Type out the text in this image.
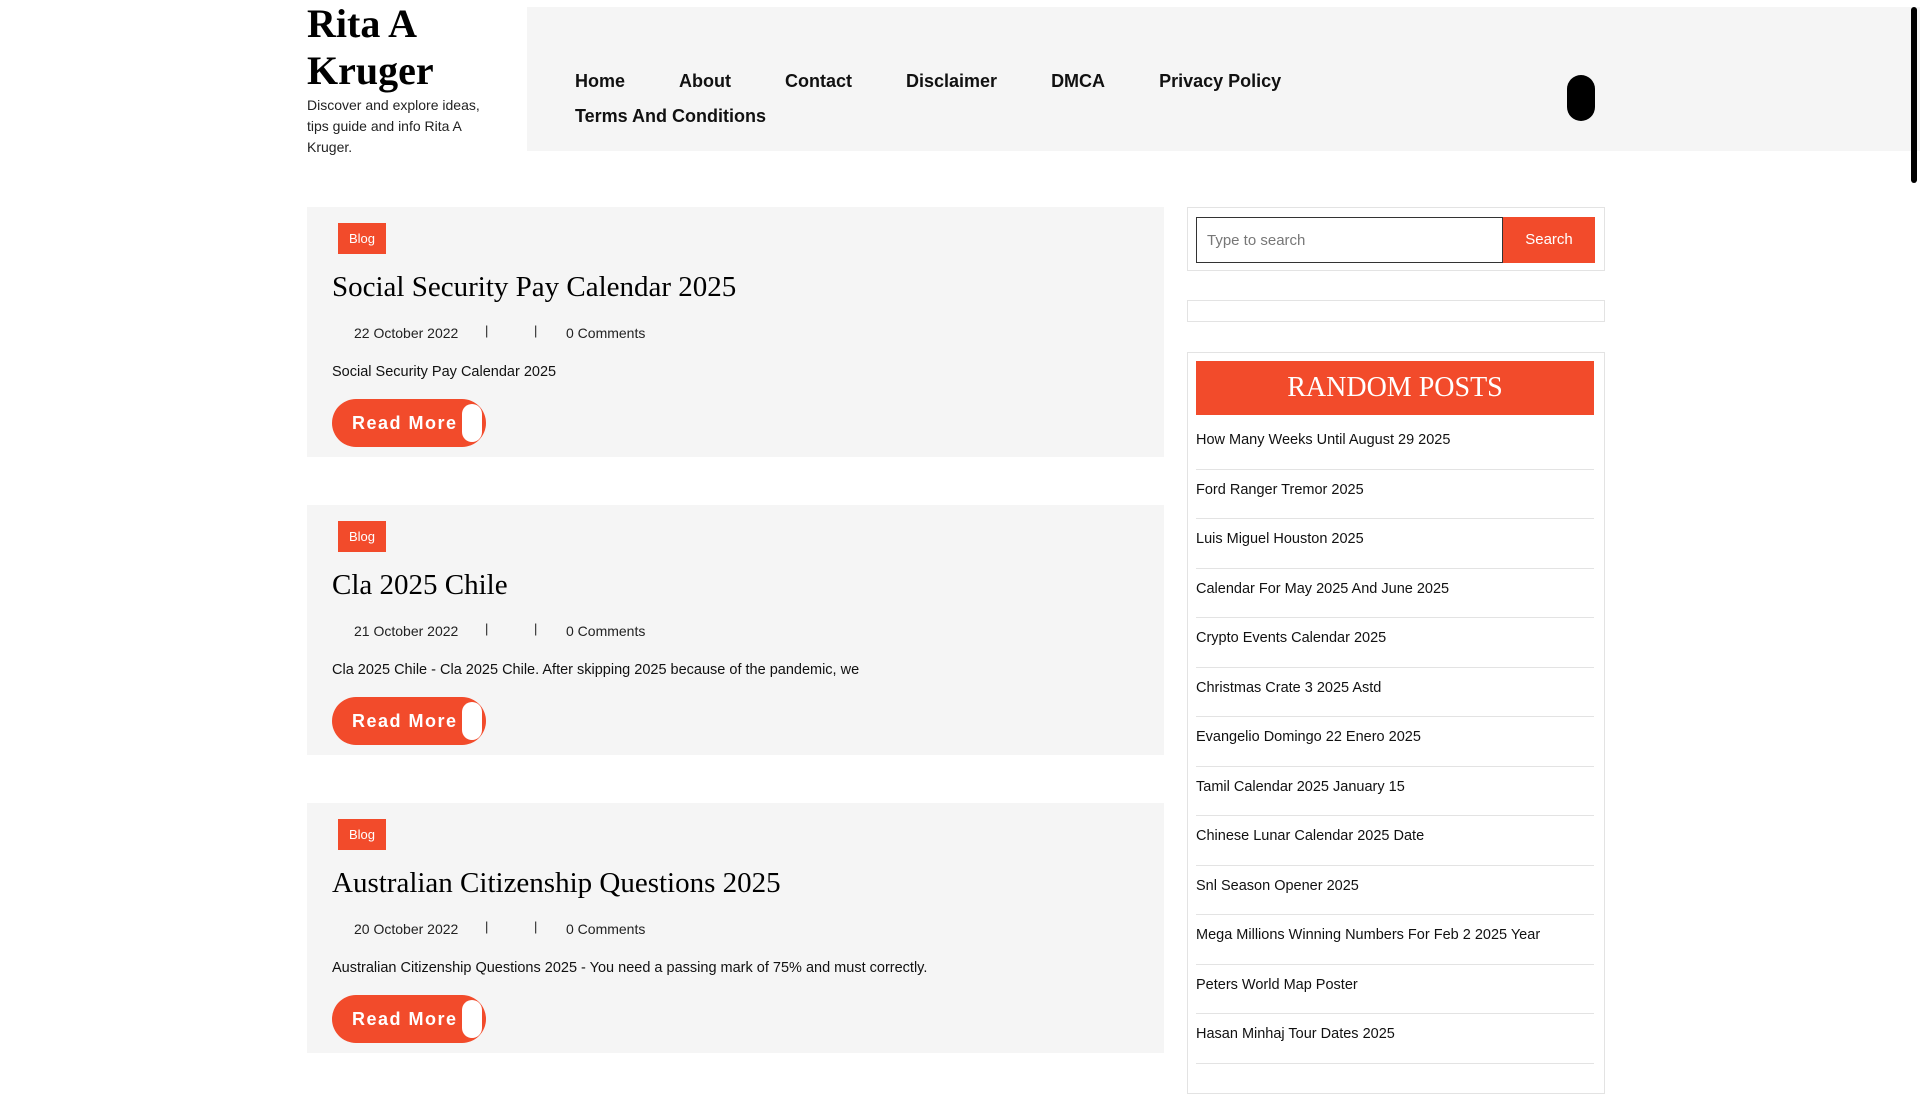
Rita A Kruger
Discover and explore ideas, tips guide and info Rita A Kruger.
Home	About	Contact	Disclaimer	DMCA	Privacy Policy
Terms And Conditions
Blog
Social Security Pay Calendar 2025
22 October 2022 |	| 0 Comments
Social Security Pay Calendar 2025
Read More
Blog
Cla 2025 Chile
21 October 2022 |	| 0 Comments
Cla 2025 Chile - Cla 2025 Chile. After skipping 2025 because of the pandemic, we
Read More
Blog
Australian Citizenship Questions 2025
20 October 2022 |	| 0 Comments
Australian Citizenship Questions 2025 - You need a passing mark of 75% and must correctly.
Read More
Type to search
Search
RANDOM POSTS
How Many Weeks Until August 29 2025
Ford Ranger Tremor 2025
Luis Miguel Houston 2025
Calendar For May 2025 And June 2025
Crypto Events Calendar 2025
Christmas Crate 3 2025 Astd
Evangelio Domingo 22 Enero 2025
Tamil Calendar 2025 January 15
Chinese Lunar Calendar 2025 Date
Snl Season Opener 2025
Mega Millions Winning Numbers For Feb 2 2025 Year
Peters World Map Poster
Hasan Minhaj Tour Dates 2025
